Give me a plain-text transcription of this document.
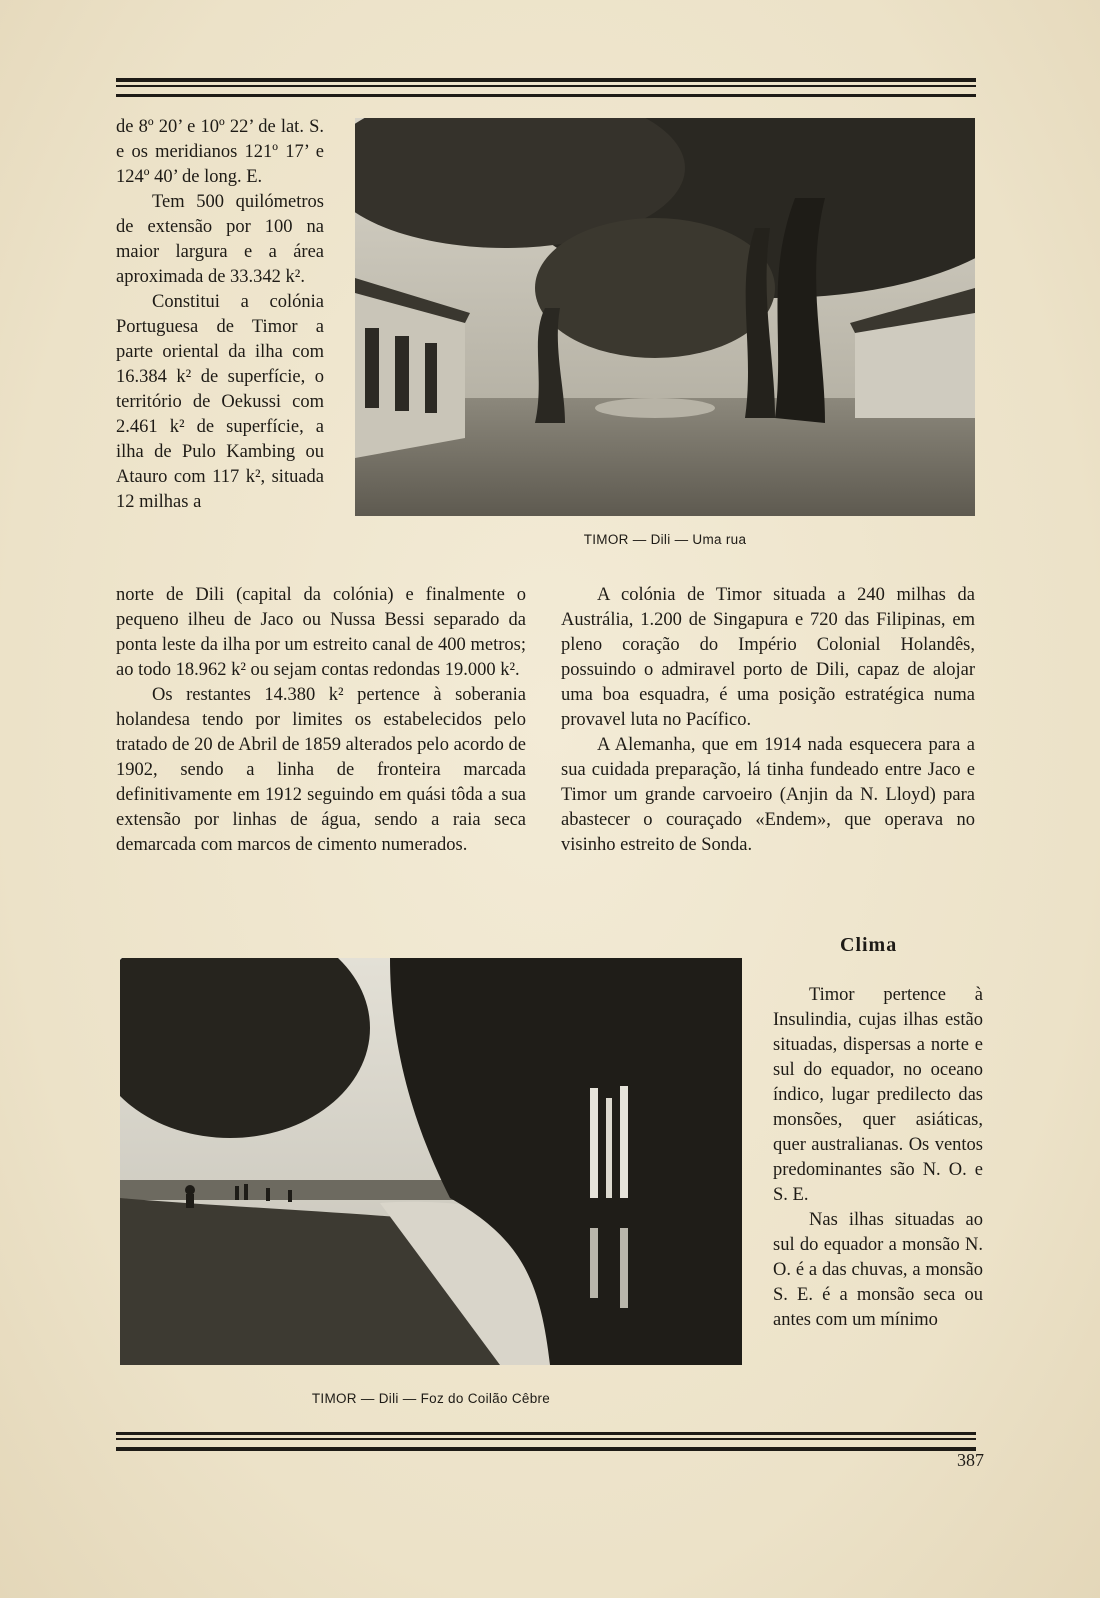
de 8º 20’ e 10º 22’ de lat. S. e os meridianos 121º 17’ e 124º 40’ de long. E.

Tem 500 quilómetros de extensão por 100 na maior largura e a área aproximada de 33.342 k².

Constitui a colónia Portuguesa de Timor a parte oriental da ilha com 16.384 k² de superfície, o território de Oekussi com 2.461 k² de superfície, a ilha de Pulo Kambing ou Atauro com 117 k², situada 12 milhas a

TIMOR — Dili — Uma rua

norte de Dili (capital da colónia) e finalmente o pequeno ilheu de Jaco ou Nussa Bessi separado da ponta leste da ilha por um estreito canal de 400 metros; ao todo 18.962 k² ou sejam contas redondas 19.000 k².

Os restantes 14.380 k² pertence à soberania holandesa tendo por limites os estabelecidos pelo tratado de 20 de Abril de 1859 alterados pelo acordo de 1902, sendo a linha de fronteira marcada definitivamente em 1912 seguindo em quási tôda a sua extensão por linhas de água, sendo a raia seca demarcada com marcos de cimento numerados.

A colónia de Timor situada a 240 milhas da Austrália, 1.200 de Singapura e 720 das Filipinas, em pleno coração do Império Colonial Holandês, possuindo o admiravel porto de Dili, capaz de alojar uma boa esquadra, é uma posição estratégica numa provavel luta no Pacífico.

A Alemanha, que em 1914 nada esquecera para a sua cuidada preparação, lá tinha fundeado entre Jaco e Timor um grande carvoeiro (Anjin da N. Lloyd) para abastecer o couraçado «Endem», que operava no visinho estreito de Sonda.

Clima
TIMOR — Dili — Foz do Coilão Cêbre

Timor pertence à Insulindia, cujas ilhas estão situadas, dispersas a norte e sul do equador, no oceano índico, lugar predilecto das monsões, quer asiáticas, quer australianas. Os ventos predominantes são N. O. e S. E.

Nas ilhas situadas ao sul do equador a monsão N. O. é a das chuvas, a monsão S. E. é a monsão seca ou antes com um mínimo

387
